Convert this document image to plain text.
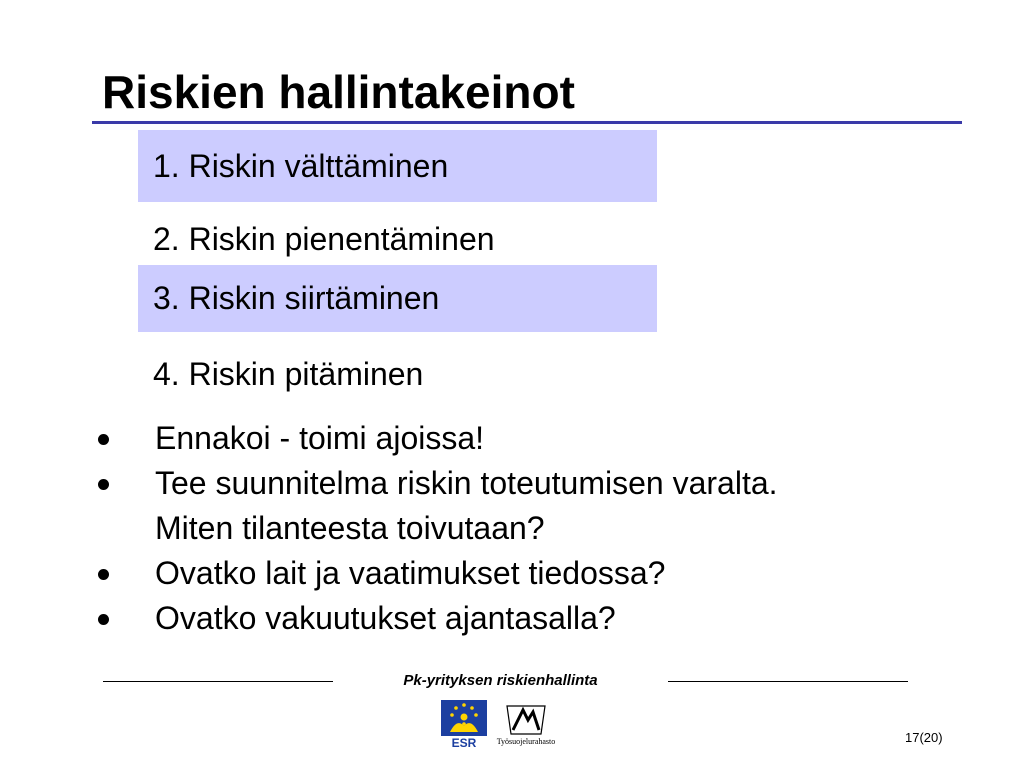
Riskien hallintakeinot
1. Riskin välttäminen
2. Riskin pienentäminen
3. Riskin siirtäminen
4. Riskin pitäminen
Ennakoi - toimi ajoissa!
Tee suunnitelma riskin toteutumisen varalta.
Miten tilanteesta toivutaan?
Ovatko lait ja vaatimukset tiedossa?
Ovatko vakuutukset ajantasalla?
Pk-yrityksen riskienhallinta
ESR	Työsuojelurahasto	17(20)
